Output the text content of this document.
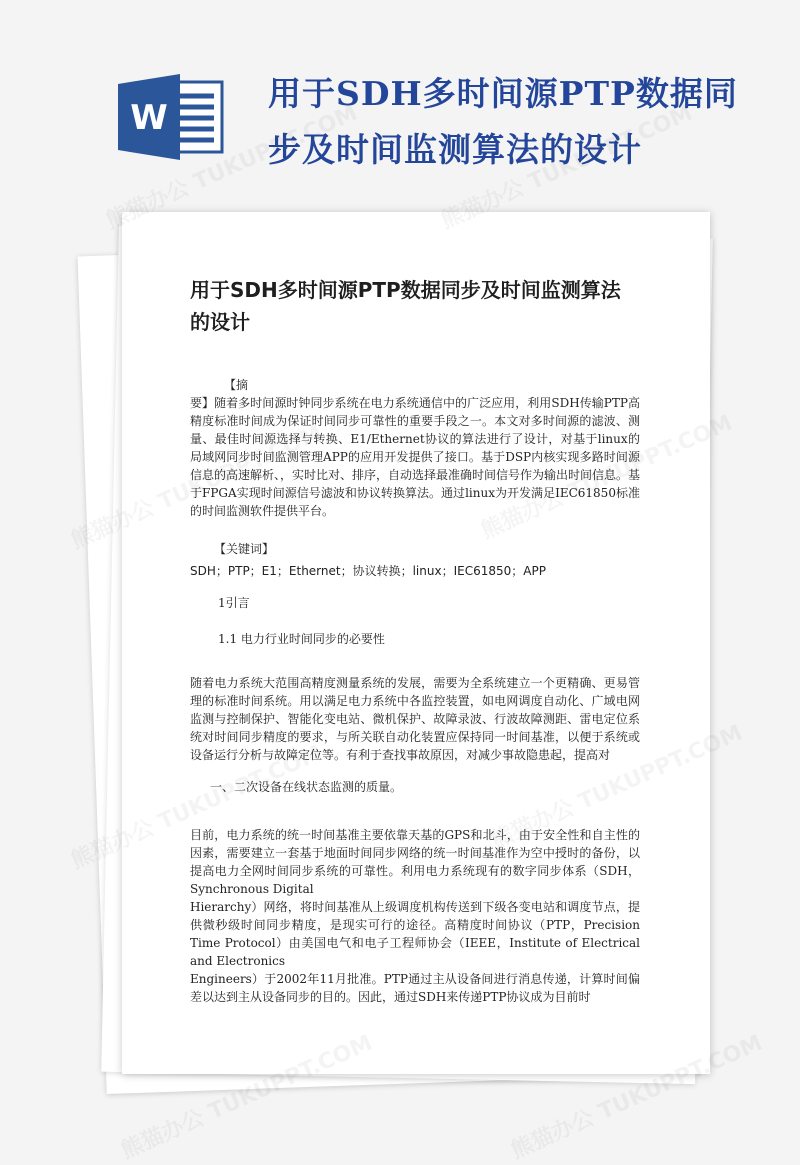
W
用于SDH多时间源PTP数据同步及时间监测算法的设计
用于SDH多时间源PTP数据同步及时间监测算法的设计

【摘

要】随着多时间源时钟同步系统在电力系统通信中的广泛应用，利用SDH传输PTP高精度标准时间成为保证时间同步可靠性的重要手段之一。本文对多时间源的滤波、测量、最佳时间源选择与转换、E1/Ethernet协议的算法进行了设计，对基于linux的局域网同步时间监测管理APP的应用开发提供了接口。基于DSP内核实现多路时间源信息的高速解析、，实时比对、排序，自动选择最准确时间信号作为输出时间信息。基于FPGA实现时间源信号滤波和协议转换算法。通过linux为开发满足IEC61850标准的时间监测软件提供平台。

【关键词】

SDH；PTP；E1；Ethernet；协议转换；linux；IEC61850；APP

1引言

1.1 电力行业时间同步的必要性

随着电力系统大范围高精度测量系统的发展，需要为全系统建立一个更精确、更易管理的标准时间系统。用以满足电力系统中各监控装置，如电网调度自动化、广域电网监测与控制保护、智能化变电站、微机保护、故障录波、行波故障测距、雷电定位系统对时间同步精度的要求，与所关联自动化装置应保持同一时间基准，以便于系统或设备运行分析与故障定位等。有利于查找事故原因，对减少事故隐患起，提高对

一、二次设备在线状态监测的质量。

目前，电力系统的统一时间基准主要依靠天基的GPS和北斗，由于安全性和自主性的因素，需要建立一套基于地面时间同步网络的统一时间基准作为空中授时的备份，以提高电力全网时间同步系统的可靠性。利用电力系统现有的数字同步体系（SDH，Synchronous Digital

Hierarchy）网络，将时间基准从上级调度机构传送到下级各变电站和调度节点，提供微秒级时间同步精度，是现实可行的途径。高精度时间协议（PTP，Precision Time Protocol）由美国电气和电子工程师协会（IEEE，Institute of Electrical and Electronics

Engineers）于2002年11月批准。PTP通过主从设备间进行消息传递，计算时间偏差以达到主从设备同步的目的。因此，通过SDH来传递PTP协议成为目前时
